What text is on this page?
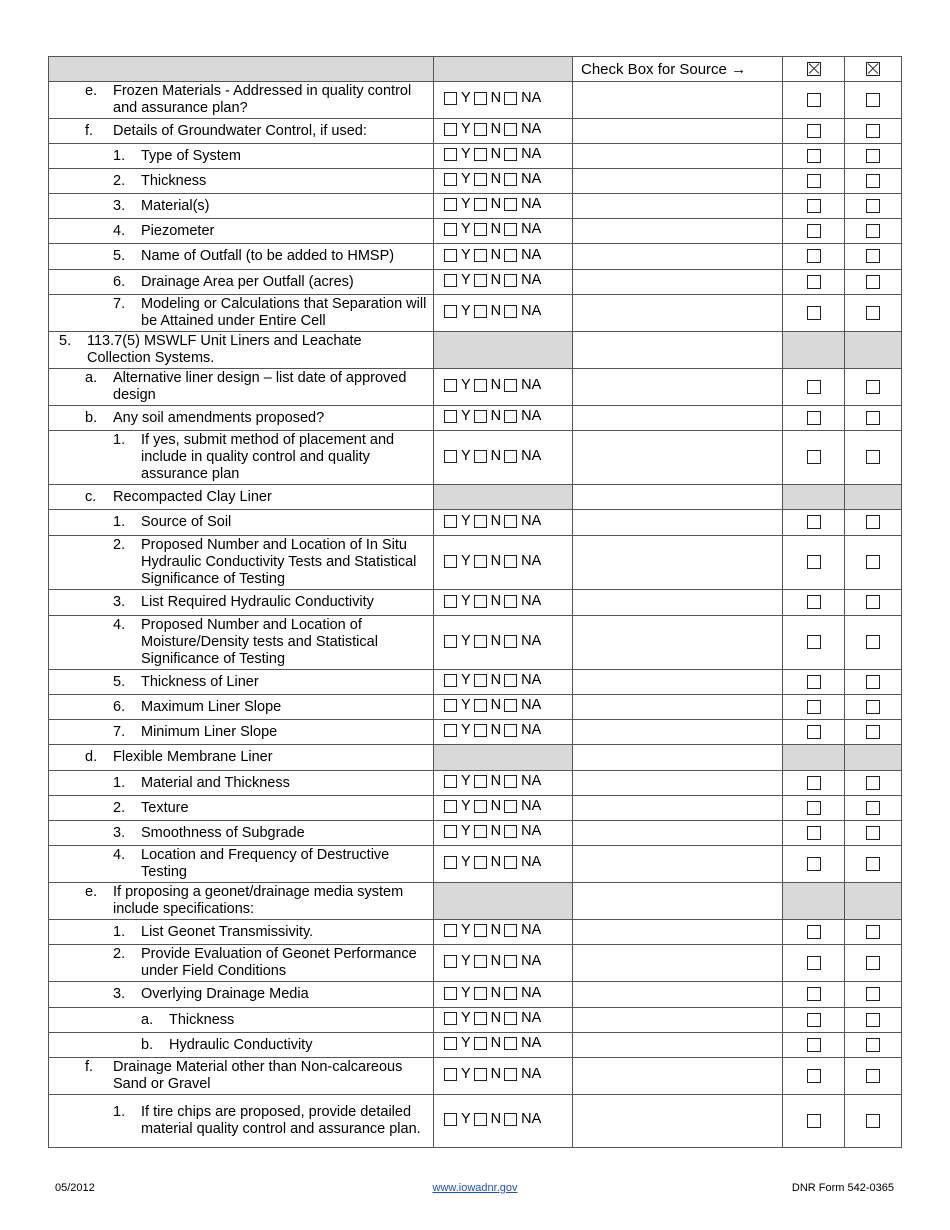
		Check Box for Source →		

e. Frozen Materials - Addressed in quality control and assurance plan?	Y N NA			

f. Details of Groundwater Control, if used:	Y N NA			

1. Type of System	Y N NA			

2. Thickness	Y N NA			

3. Material(s)	Y N NA			

4. Piezometer	Y N NA			

5. Name of Outfall (to be added to HMSP)	Y N NA			

6. Drainage Area per Outfall (acres)	Y N NA			

7. Modeling or Calculations that Separation will be Attained under Entire Cell	Y N NA			

5. 113.7(5) MSWLF Unit Liners and Leachate Collection Systems.				

a. Alternative liner design – list date of approved design	Y N NA			

b. Any soil amendments proposed?	Y N NA			

1. If yes, submit method of placement and include in quality control and quality assurance plan	Y N NA			

c. Recompacted Clay Liner				

1. Source of Soil	Y N NA			

2. Proposed Number and Location of In Situ Hydraulic Conductivity Tests and Statistical Significance of Testing	Y N NA			

3. List Required Hydraulic Conductivity	Y N NA			

4. Proposed Number and Location of Moisture/Density tests and Statistical Significance of Testing	Y N NA			

5. Thickness of Liner	Y N NA			

6. Maximum Liner Slope	Y N NA			

7. Minimum Liner Slope	Y N NA			

d. Flexible Membrane Liner				

1. Material and Thickness	Y N NA			

2. Texture	Y N NA			

3. Smoothness of Subgrade	Y N NA			

4. Location and Frequency of Destructive Testing	Y N NA			

e. If proposing a geonet/drainage media system include specifications:				

1. List Geonet Transmissivity.	Y N NA			

2. Provide Evaluation of Geonet Performance under Field Conditions	Y N NA			

3. Overlying Drainage Media	Y N NA			

a. Thickness	Y N NA			

b. Hydraulic Conductivity	Y N NA			

f. Drainage Material other than Non-calcareous Sand or Gravel	Y N NA			

1. If tire chips are proposed, provide detailed material quality control and assurance plan.	Y N NA			

05/2012	www.iowadnr.gov	DNR Form 542-0365
